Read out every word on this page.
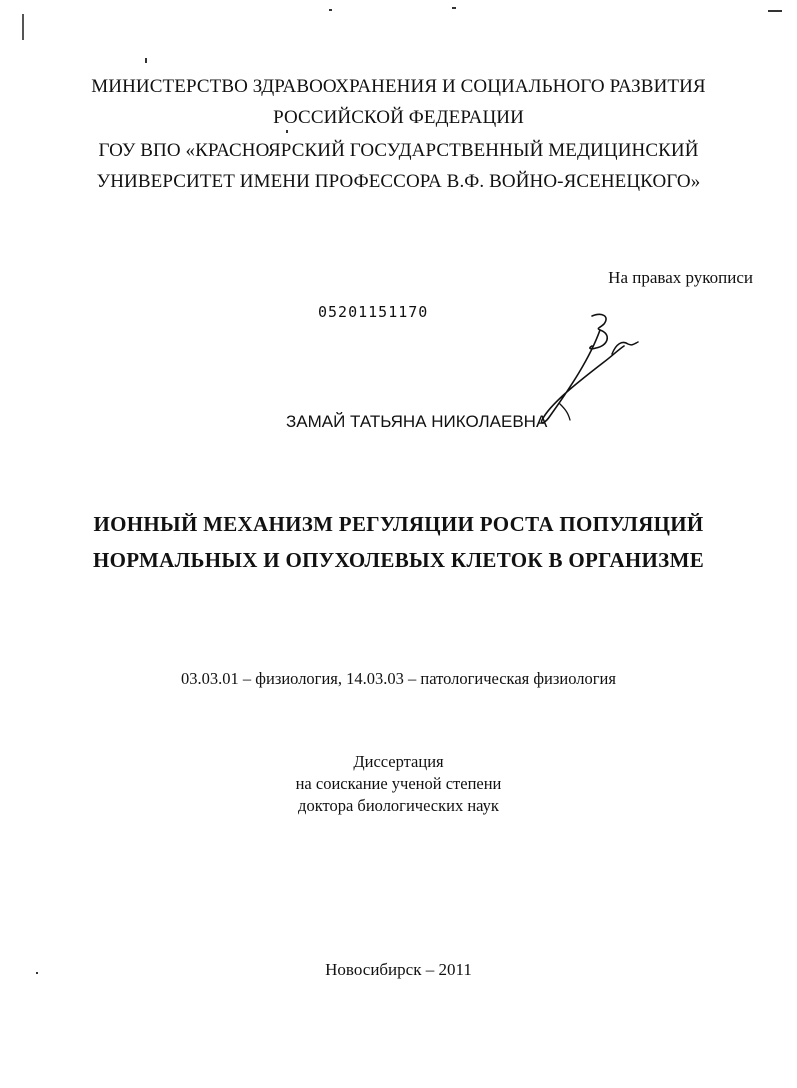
МИНИСТЕРСТВО ЗДРАВООХРАНЕНИЯ И СОЦИАЛЬНОГО РАЗВИТИЯ
РОССИЙСКОЙ ФЕДЕРАЦИИ
ГОУ ВПО «КРАСНОЯРСКИЙ ГОСУДАРСТВЕННЫЙ МЕДИЦИНСКИЙ
УНИВЕРСИТЕТ ИМЕНИ ПРОФЕССОРА В.Ф. ВОЙНО-ЯСЕНЕЦКОГО»
На правах рукописи
05201151170
ЗАМАЙ ТАТЬЯНА НИКОЛАЕВНА
ИОННЫЙ МЕХАНИЗМ РЕГУЛЯЦИИ РОСТА ПОПУЛЯЦИЙ
НОРМАЛЬНЫХ И ОПУХОЛЕВЫХ КЛЕТОК В ОРГАНИЗМЕ
03.03.01 – физиология, 14.03.03 – патологическая физиология
Диссертация
на соискание ученой степени
доктора биологических наук
Новосибирск – 2011
